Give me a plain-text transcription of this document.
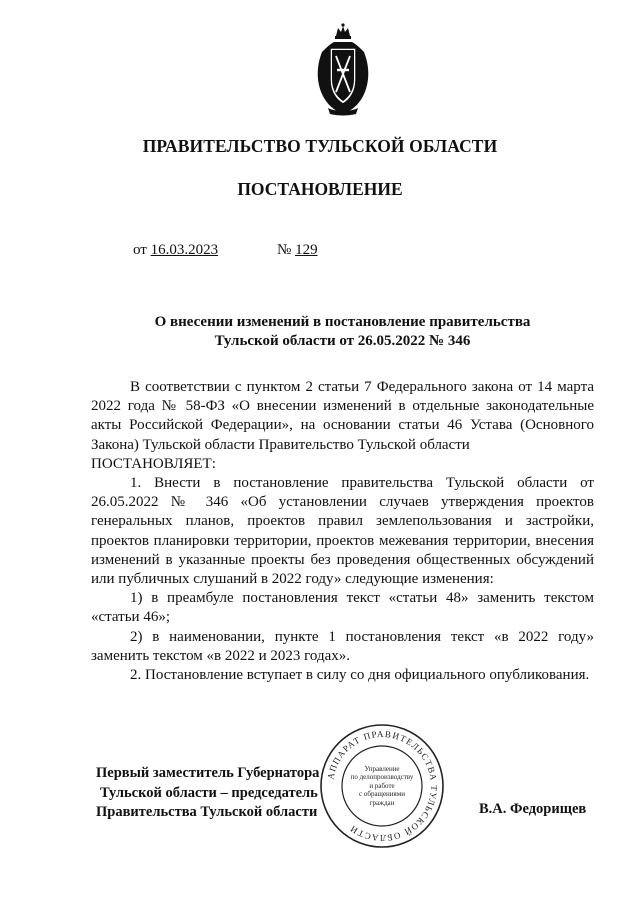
ПРАВИТЕЛЬСТВО ТУЛЬСКОЙ ОБЛАСТИ
ПОСТАНОВЛЕНИЕ
от 16.03.2023	№ 129
О внесении изменений в постановление правительства
Тульской области от 26.05.2022 № 346

В соответствии с пунктом 2 статьи 7 Федерального закона от 14 марта 2022 года № 58-ФЗ «О внесении изменений в отдельные законодательные акты Российской Федерации», на основании статьи 46 Устава (Основного Закона) Тульской области Правительство Тульской области

ПОСТАНОВЛЯЕТ:

1. Внести в постановление правительства Тульской области от 26.05.2022 № 346 «Об установлении случаев утверждения проектов генеральных планов, проектов правил землепользования и застройки, проектов планировки территории, проектов межевания территории, внесения изменений в указанные проекты без проведения общественных обсуждений или публичных слушаний в 2022 году» следующие изменения:

1) в преамбуле постановления текст «статьи 48» заменить текстом «статьи 46»;

2) в наименовании, пункте 1 постановления текст «в 2022 году» заменить текстом «в 2022 и 2023 годах».

2. Постановление вступает в силу со дня официального опубликования.

Первый заместитель Губернатора
Тульской области – председатель
Правительства Тульской области
АППАРАТ ПРАВИТЕЛЬСТВА ТУЛЬСКОЙ ОБЛАСТИ
Управление
по делопроизводству
и работе
с обращениями
граждан	В.А. Федорищев
